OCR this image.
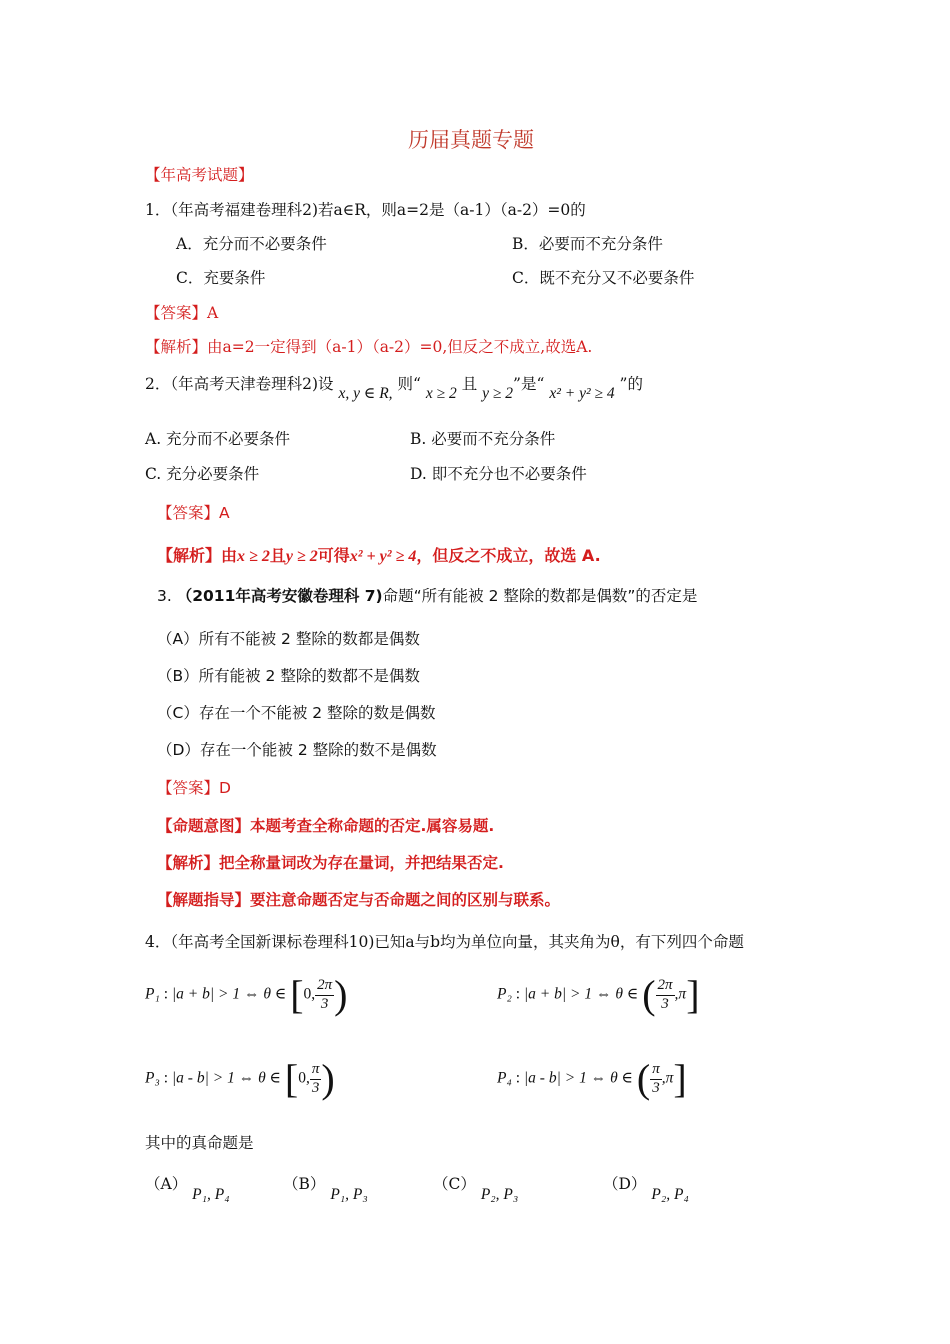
历届真题专题
【年高考试题】
1．（年高考福建卷理科2)若a∈R，则a=2是（a-1）（a-2）=0的
A．充分而不必要条件	B．必要而不充分条件
C．充要条件	C．既不充分又不必要条件
【答案】A
【解析】由a=2一定得到（a-1）（a-2）=0,但反之不成立,故选A.
2．（年高考天津卷理科2)设 x, y ∈ R, 则“ x ≥ 2 且 y ≥ 2”是“ x² + y² ≥ 4 ”的
A. 充分而不必要条件	B. 必要而不充分条件
C. 充分必要条件	D. 即不充分也不必要条件
【答案】A
【解析】由x ≥ 2且y ≥ 2可得x² + y² ≥ 4，但反之不成立，故选 A.
3. （2011年高考安徽卷理科 7)命题“所有能被 2 整除的数都是偶数”的否定是
（A）所有不能被 2 整除的数都是偶数
（B）所有能被 2 整除的数都不是偶数
（C）存在一个不能被 2 整除的数是偶数
（D）存在一个能被 2 整除的数不是偶数
【答案】D
【命题意图】本题考查全称命题的否定.属容易题.
【解析】把全称量词改为存在量词，并把结果否定.
【解题指导】要注意命题否定与否命题之间的区别与联系。
4．（年高考全国新课标卷理科10)已知a与b均为单位向量，其夹角为θ，有下列四个命题
P₁ : |a + b| > 1 ⇔ θ ∈ [0, $\frac{2\pi}{3}$ )	P₂ : |a + b| > 1 ⇔ θ ∈ ( $\frac{2\pi}{3} ,\pi$]
P₃ : |a - b| > 1 ⇔ θ ∈ [0, $\frac{\pi}{3}$ )	P₄ : |a - b| > 1 ⇔ θ ∈ ( $\frac{\pi}{3} ,\pi$]
其中的真命题是
（A） P₁, P₄
（B） P₁, P₃
（C） P₂, P₃
（D） P₂, P₄
